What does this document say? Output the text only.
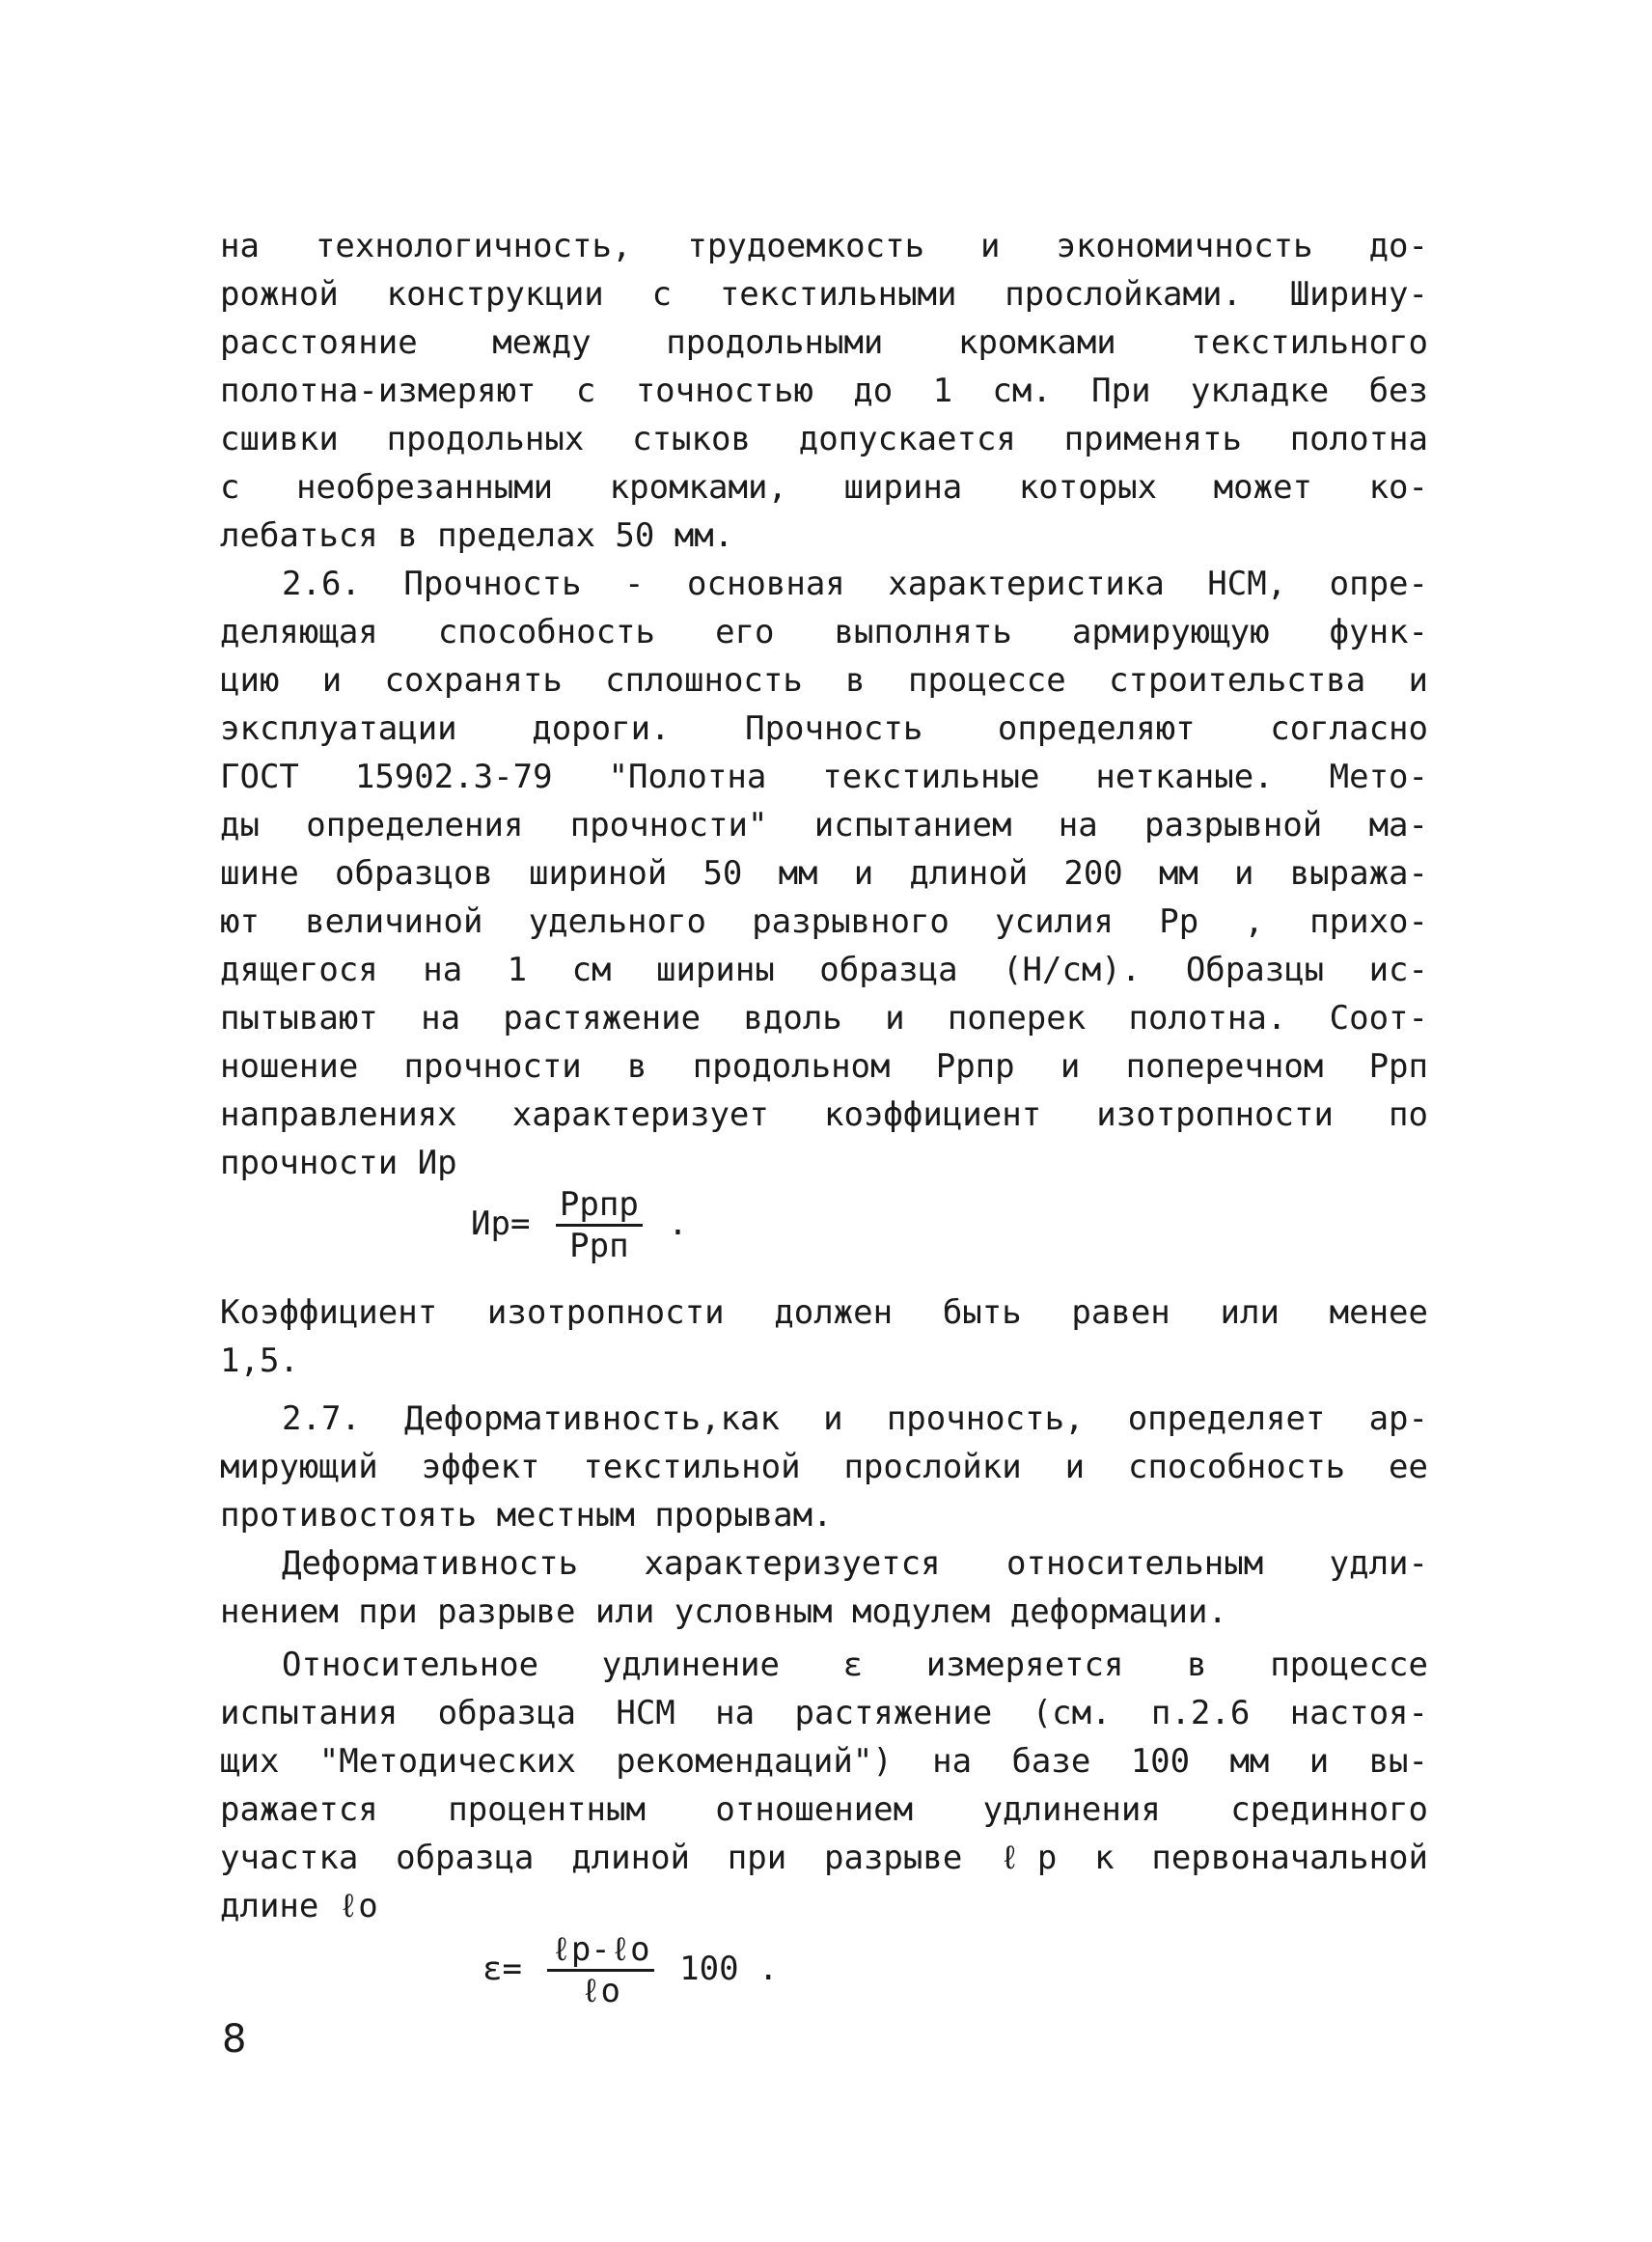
на технологичность, трудоемкость и экономичность до-
рожной конструкции с текстильными прослойками. Ширину-
расстояние между продольными кромками текстильного
полотна-измеряют с точностью до 1 см. При укладке без
сшивки продольных стыков допускается применять полотна
с необрезанными кромками, ширина которых может ко-
лебаться в пределах 50 мм.
2.6. Прочность - основная характеристика НСМ, опре-
деляющая способность его выполнять армирующую функ-
цию и сохранять сплошность в процессе строительства и
эксплуатации дороги. Прочность определяют согласно
ГОСТ 15902.3-79 "Полотна текстильные нетканые. Мето-
ды определения прочности" испытанием на разрывной ма-
шине образцов шириной 50 мм и длиной 200 мм и выража-
ют величиной удельного разрывного усилия Pр , прихо-
дящегося на 1 см ширины образца (Н/см). Образцы ис-
пытывают на растяжение вдоль и поперек полотна. Соот-
ношение прочности в продольном Pрпр и поперечном Pрп
направлениях характеризует коэффициент изотропности по
прочности Ир
$Ир= \frac{\text{Pрпр}}{\text{Pрп}}$ .
Коэффициент изотропности должен быть равен или менее
1,5.
2.7. Деформативность,как и прочность, определяет ар-
мирующий эффект текстильной прослойки и способность ее
противостоять местным прорывам.
Деформативность характеризуется относительным удли-
нением при разрыве или условным модулем деформации.
Относительное удлинение ε измеряется в процессе
испытания образца НСМ на растяжение (см. п.2.6 настоя-
щих "Методических рекомендаций") на базе 100 мм и вы-
ражается процентным отношением удлинения срединного
участка образца длиной при разрыве ℓр к первоначальной
длине ℓо
$\varepsilon= \frac{\text{ℓр-ℓо}}{\text{ℓо}} 100$ .
8
